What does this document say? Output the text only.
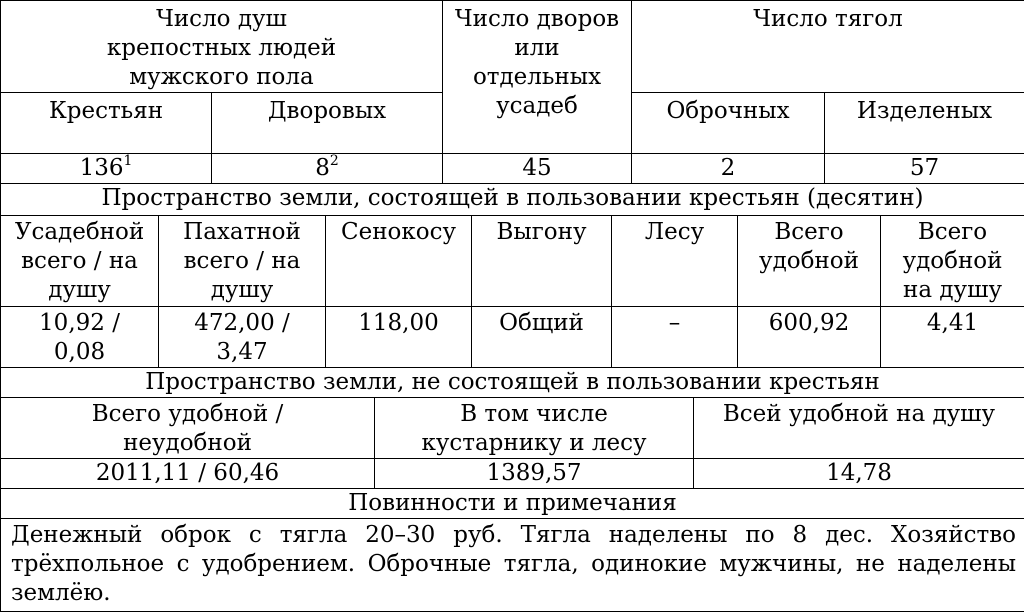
Число душ крепостных людей мужского пола		Число дворов или отдельных усадеб	Число тягол	
Крестьян	Дворовых		Оброчных	Изделеных
$136^1$	$8^2$	45	2	57
Пространство земли, состоящей в пользовании крестьян (десятин)						
Усадебной всего / на душу	Пахатной всего / на душу	Сенокосу	Выгону	Лесу	Всего удобной	Всего удобной на душу
10,92 / 0,08	472,00 / 3,47	118,00	Общий	–	600,92	4,41
Пространство земли, не состоящей в пользовании крестьян		
Всего удобной / неудобной	В том числе кустарнику и лесу	Всей удобной на душу
2011,11 / 60,46	1389,57	14,78
Повинности и примечания
Денежный оброк с тягла 20–30 руб. Тягла наделены по 8 дес. Хозяйство трёхпольное с удобрением. Оброчные тягла, одинокие мужчины, не наделены землёю.
